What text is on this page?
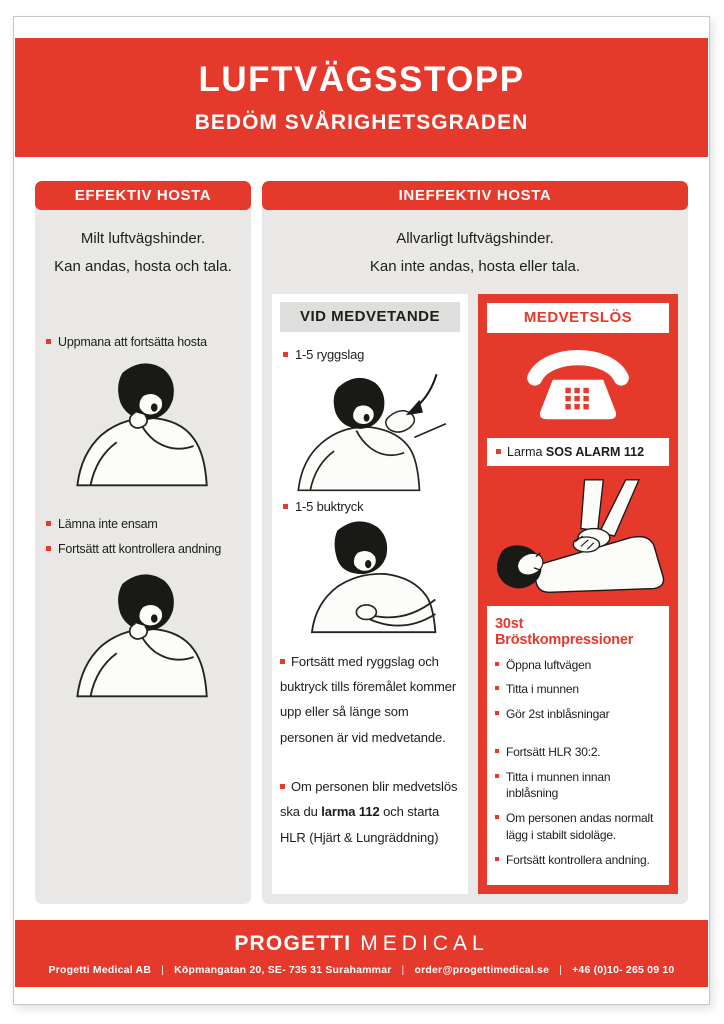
LUFTVÄGSSTOPP
BEDÖM SVÅRIGHETSGRADEN
EFFEKTIV HOSTA
Milt luftvägshinder.
Kan andas, hosta och tala.
Uppmana att fortsätta hosta
Lämna inte ensam
Fortsätt att kontrollera andning
INEFFEKTIV HOSTA
Allvarligt luftvägshinder.
Kan inte andas, hosta eller tala.
VID MEDVETANDE
1-5 ryggslag
1-5 buktryck

Fortsätt med ryggslag och buktryck tills föremålet kommer upp eller så länge som personen är vid medvetande.

Om personen blir medvetslös ska du larma 112 och starta HLR (Hjärt & Lungräddning)

MEDVETSLÖS
Larma SOS ALARM 112
30st Bröstkompressioner
Öppna luftvägen
Titta i munnen
Gör 2st inblåsningar
Fortsätt HLR 30:2.
Titta i munnen innan inblåsning
Om personen andas normalt lägg i stabilt sidoläge.
Fortsätt kontrollera andning.
PROGETTI MEDICAL
Progetti Medical AB | Köpmangatan 20, SE- 735 31 Surahammar | order@progettimedical.se | +46 (0)10- 265 09 10
